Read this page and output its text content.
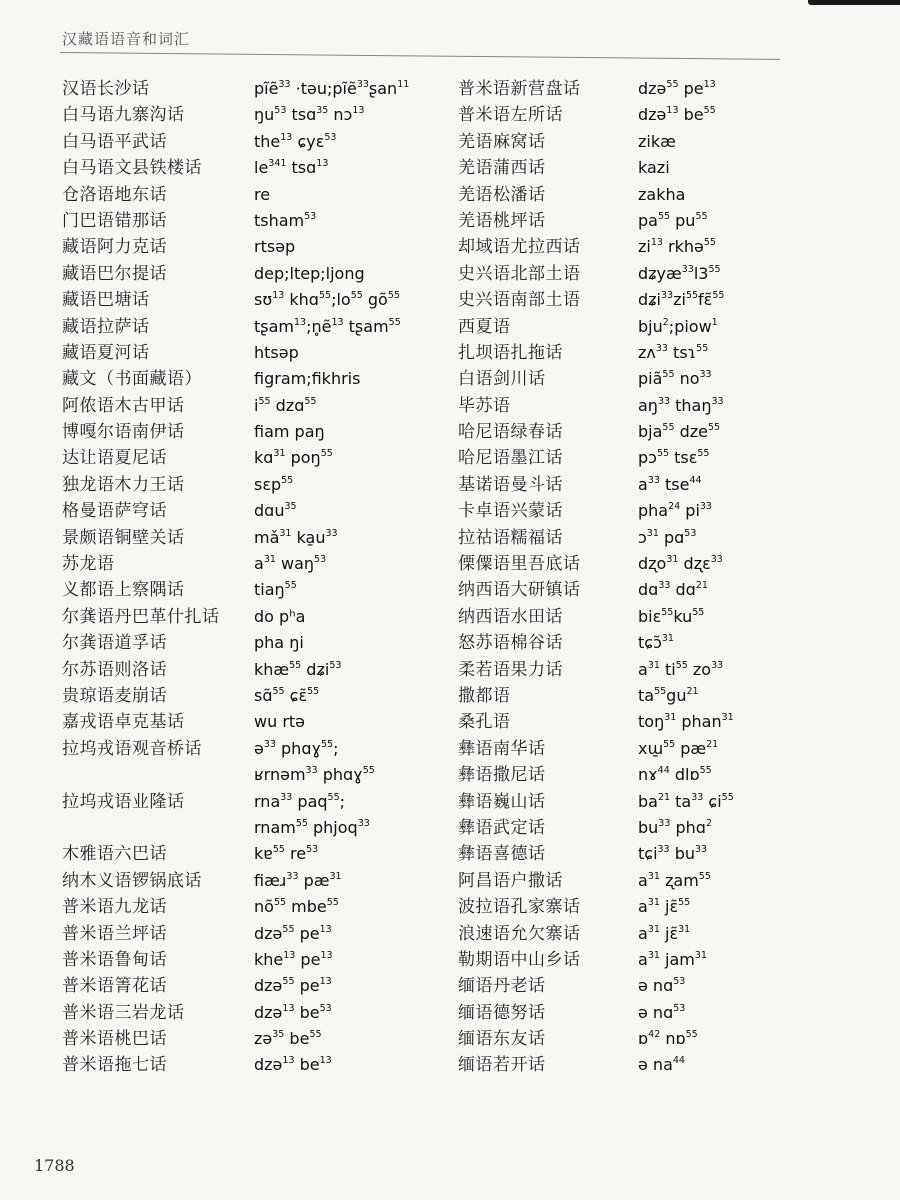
汉藏语语音和词汇
汉语长沙话	pĩẽ$^{33}$ ·təu;pĩẽ$^{33}$ʂan$^{11}$
白马语九寨沟话	$ŋu^{53}$ tsɑ$^{35}$ nɔ$^{13}$
白马语平武话	the$^{13}$ ɕyɛ$^{53}$
白马语文县铁楼话	$le^{341}$ tsɑ$^{13}$
仓洛语地东话	re
门巴语错那话	tsham$^{53}$
藏语阿力克话	rtsəp
藏语巴尔提话	dep;ltep;ljong
藏语巴塘话	sʊ$^{13}$ $khɑ^{55};lo^{55}$ $gõ^{55}$
藏语拉萨话	tʂam$^{13}$;n̥ẽ$^{13}$ tʂam$^{55}$
藏语夏河话	htsəp
藏文（书面藏语）	figram;fikhris
阿侬语木古甲话	$i^{55}$ dzɑ$^{55}$
博嘎尔语南伊话	fiam paŋ
达让语夏尼话	kɑ$^{31}$ poŋ$^{55}$
独龙语木力王话	sɛp$^{55}$
格曼语萨穹话	dɑu$^{35}$
景颇语铜壁关话	$mǎ^{31}$ $ka̱u^{33}$
苏龙语	$a^{31}$ waŋ$^{53}$
义都语上察隅话	tiaŋ$^{55}$
尔龚语丹巴革什扎话	do pʰa
尔龚语道孚话	pha ŋi
尔苏语则洛话	khæ$^{55}$ dʑi$^{53}$
贵琼语麦崩话	sɑ̃$^{55}$ ɕɛ̃$^{55}$
嘉戎语卓克基话	wu rtə
拉坞戎语观音桥话	ə$^{33}$ phɑɣ$^{55}$;
ʁrnəm$^{33}$ phɑɣ$^{55}$
拉坞戎语业隆话	rna$^{33}$ paq$^{55}$;
rnam$^{55}$ phjoq$^{33}$
木雅语六巴话	kɐ$^{55}$ $re^{53}$
纳木义语锣锅底话	fiæɹ$^{33}$ $pæ^{31}$
普米语九龙话	$nõ^{55}$ mbe$^{55}$
普米语兰坪话	dzə$^{55}$ $pe^{13}$
普米语鲁甸话	khe$^{13}$ $pe^{13}$
普米语箐花话	dzə$^{55}$ $pe^{13}$
普米语三岩龙话	dzə$^{13}$ $be^{53}$
普米语桃巴话	zə$^{35}$ $be^{55}$
普米语拖七话	dzə$^{13}$ $be^{13}$
普米语新营盘话	dzə$^{55}$ $pe^{13}$
普米语左所话	dzə$^{13}$ $be^{55}$
羌语麻窝话	zikæ
羌语蒲西话	kazi
羌语松潘话	zakha
羌语桃坪话	$pa^{55}$ $pu^{55}$
却域语尤拉西话	$zi^{13}$ rkhə$^{55}$
史兴语北部土语	$dʑyæ^{33}l3^{55}$
史兴语南部土语	$dʑi^{33}zi^{55}fɛ̃^{55}$
西夏语	bju$^2$;piow$^1$
扎坝语扎拖话	zʌ$^{33}$ tsɿ$^{55}$
白语剑川话	piã$^{55}$ $no^{33}$
毕苏语	$aŋ^{33}$ thaŋ$^{33}$
哈尼语绿春话	bja$^{55}$ dze$^{55}$
哈尼语墨江话	pɔ$^{55}$ tsɛ$^{55}$
基诺语曼斗话	$a^{33}$ tse$^{44}$
卡卓语兴蒙话	pha$^{24}$ $pi^{33}$
拉祜语糯福话	ɔ$^{31}$ pɑ$^{53}$
傈僳语里吾底话	dʐo$^{31}$ dʐɛ$^{33}$
纳西语大研镇话	dɑ$^{33}$ dɑ$^{21}$
纳西语水田话	$biɛ^{55}ku^{55}$
怒苏语棉谷话	tɕɔ̃$^{31}$
柔若语果力话	$a^{31}$ $ti^{55}$ $zo^{33}$
撒都语	$ta^{55}gu^{21}$
桑孔语	toŋ$^{31}$ phan$^{31}$
彝语南华话	xɯ̱$^{55}$ $pæ^{21}$
彝语撒尼话	nɤ$^{44}$ dlɒ$^{55}$
彝语巍山话	$ba^{21}$ $ta^{33}$ ɕi$^{55}$
彝语武定话	$bu^{33}$ phɑ$^2$
彝语喜德话	tɕi$^{33}$ $bu^{33}$
阿昌语户撒话	$a^{31}$ ʐam$^{55}$
波拉语孔家寨话	$a^{31}$ jɛ̃$^{55}$
浪速语允欠寨话	$a^{31}$ jɛ̃$^{31}$
勒期语中山乡话	$a^{31}$ jam$^{31}$
缅语丹老话	ə nɑ$^{53}$
缅语德努话	ə nɑ$^{53}$
缅语东友话	ɒ$^{42}$ nɒ$^{55}$
缅语若开话	ə $na^{44}$
1788
